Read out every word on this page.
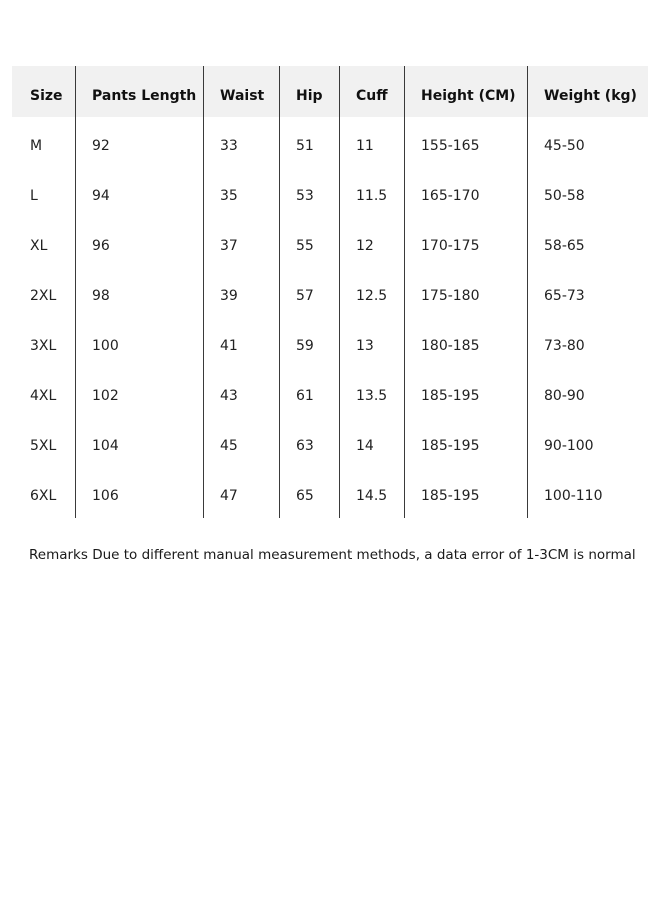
Size Pants Length Waist Hip Cuff Height (CM) Weight (kg)
M	92	33	51	11	155-165	45-50
L	94	35	53	11.5 165-170	50-58
XL	96	37	55	12	170-175	58-65
2XL	98	39	57	12.5 175-180	65-73
3XL	100	41	59	13	180-185	73-80
4XL	102	43	61	13.5 185-195	80-90
5XL	104	45	63	14	185-195	90-100
6XL	106	47	65	14.5 185-195	100-110
Remarks Due to different manual measurement methods, a data error of 1-3CM is normal
